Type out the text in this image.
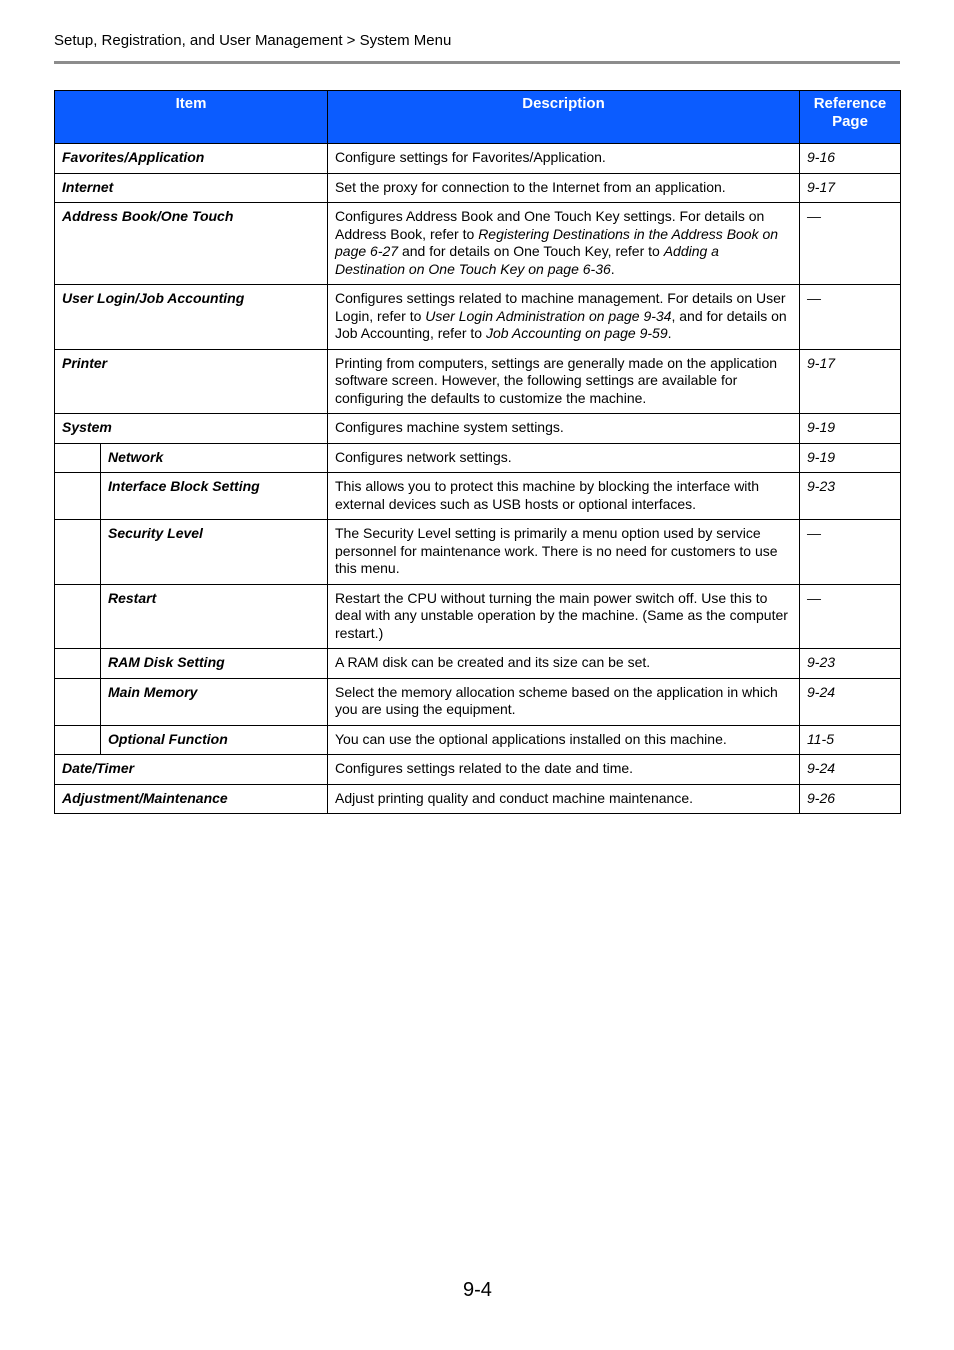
Setup, Registration, and User Management > System Menu
Item		Description	Reference Page
Favorites/Application		Configure settings for Favorites/Application.	9-16
Internet		Set the proxy for connection to the Internet from an application.	9-17
Address Book/One Touch		Configures Address Book and One Touch Key settings. For details on Address Book, refer to Registering Destinations in the Address Book on page 6-27 and for details on One Touch Key, refer to Adding a Destination on One Touch Key on page 6-36.	—
User Login/Job Accounting		Configures settings related to machine management. For details on User Login, refer to User Login Administration on page 9-34, and for details on Job Accounting, refer to Job Accounting on page 9-59.	—
Printer		Printing from computers, settings are generally made on the application software screen. However, the following settings are available for configuring the defaults to customize the machine.	9-17
System		Configures machine system settings.	9-19
	Network	Configures network settings.	9-19
	Interface Block Setting	This allows you to protect this machine by blocking the interface with external devices such as USB hosts or optional interfaces.	9-23
	Security Level	The Security Level setting is primarily a menu option used by service personnel for maintenance work. There is no need for customers to use this menu.	—
	Restart	Restart the CPU without turning the main power switch off. Use this to deal with any unstable operation by the machine. (Same as the computer restart.)	—
	RAM Disk Setting	A RAM disk can be created and its size can be set.	9-23
	Main Memory	Select the memory allocation scheme based on the application in which you are using the equipment.	9-24
	Optional Function	You can use the optional applications installed on this machine.	11-5
Date/Timer		Configures settings related to the date and time.	9-24
Adjustment/Maintenance		Adjust printing quality and conduct machine maintenance.	9-26
9-4
